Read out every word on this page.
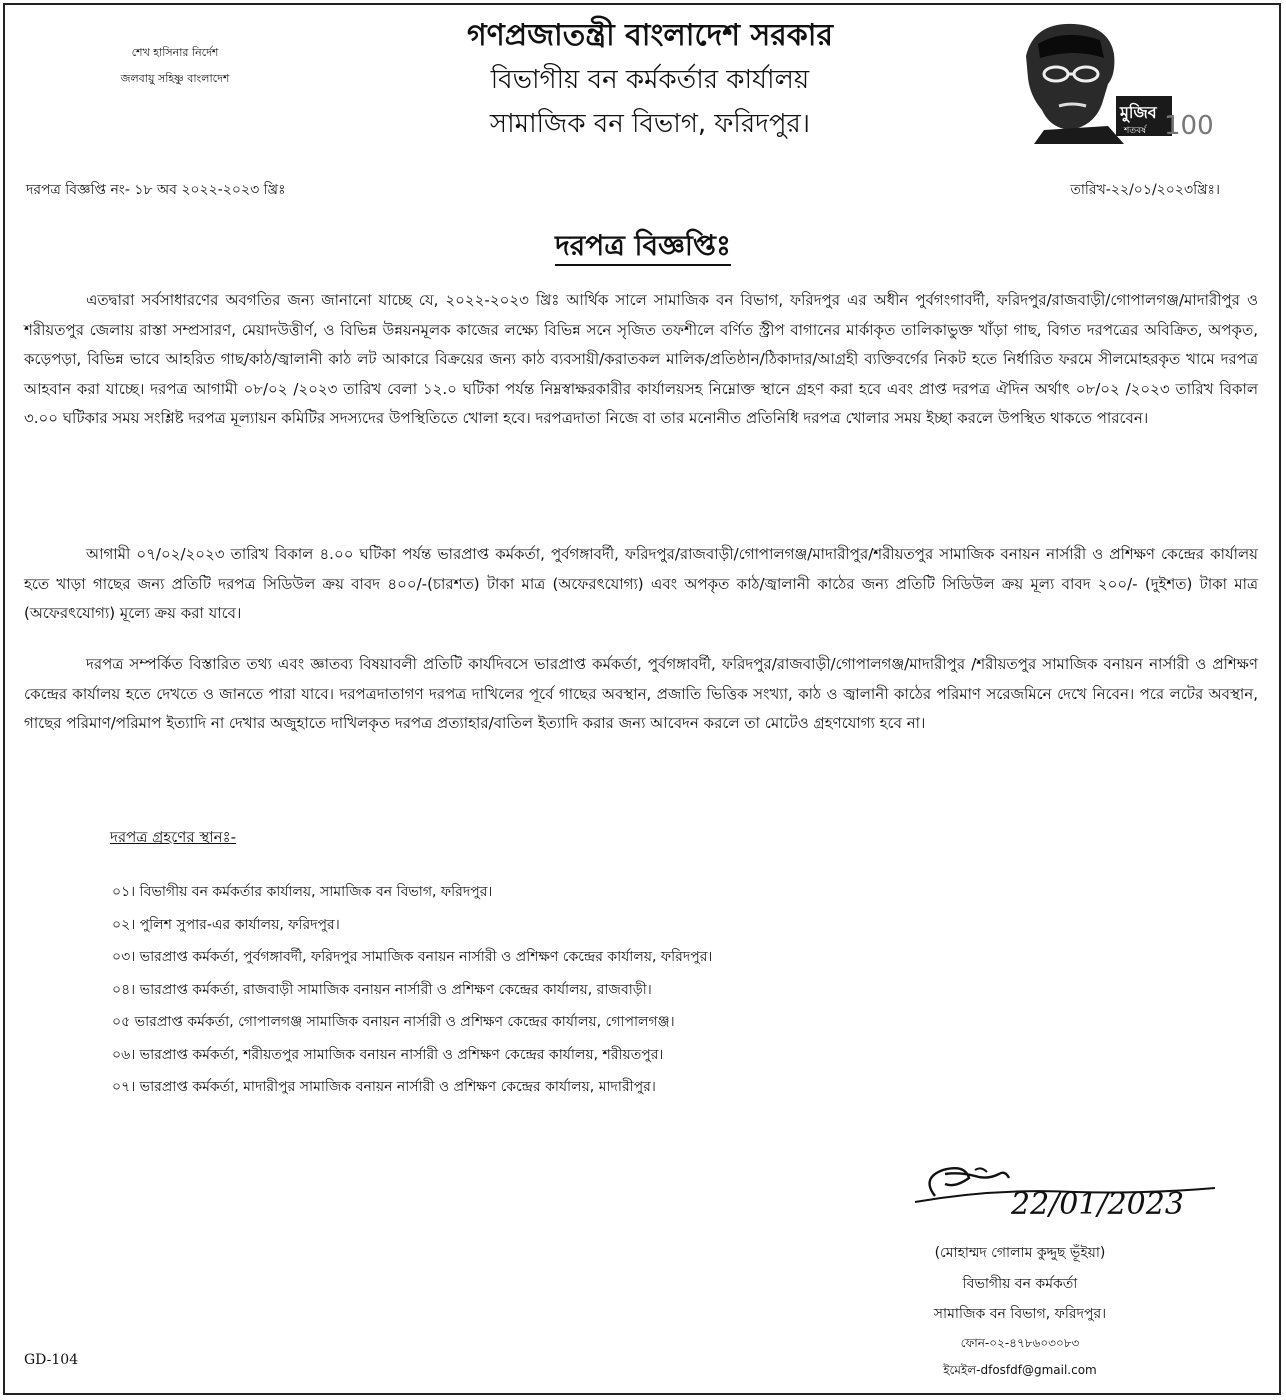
শেখ হাসিনার নির্দেশ
জলবায়ু সহিষ্ণু বাংলাদেশ
গণপ্রজাতন্ত্রী বাংলাদেশ সরকার
বিভাগীয় বন কর্মকর্তার কার্যালয়
সামাজিক বন বিভাগ, ফরিদপুর।	মুজিব
শতবর্ষ 100
দরপত্র বিজ্ঞপ্তি নং- ১৮ অব ২০২২-২০২৩ খ্রিঃ	তারিখ-২২/০১/২০২৩খ্রিঃ।
দরপত্র বিজ্ঞপ্তিঃ

এতদ্বারা সর্বসাধারণের অবগতির জন্য জানানো যাচ্ছে যে, ২০২২-২০২৩ খ্রিঃ আর্থিক সালে সামাজিক বন বিভাগ, ফরিদপুর এর অধীন পুর্বগংগাবর্দী, ফরিদপুর/রাজবাড়ী/গোপালগঞ্জ/মাদারীপুর ও শরীয়তপুর জেলায় রাস্তা সম্প্রসারণ, মেয়াদউত্তীর্ণ, ও বিভিন্ন উন্নয়নমূলক কাজের লক্ষ্যে বিভিন্ন সনে সৃজিত তফশীলে বর্ণিত স্ট্রীপ বাগানের মার্কাকৃত তালিকাভুক্ত খাঁড়া গাছ, বিগত দরপত্রের অবিক্রিত, অপকৃত, কড়েপড়া, বিভিন্ন ভাবে আহরিত গাছ/কাঠ/জ্বালানী কাঠ লট আকারে বিক্রয়ের জন্য কাঠ ব্যবসায়ী/করাতকল মালিক/প্রতিষ্ঠান/ঠিকাদার/আগ্রহী ব্যক্তিবর্গের নিকট হতে নির্ধারিত ফরমে সীলমোহরকৃত খামে দরপত্র আহবান করা যাচ্ছে। দরপত্র আগামী ০৮/০২ /২০২৩ তারিখ বেলা ১২.০ ঘটিকা পর্যন্ত নিম্নস্বাক্ষরকারীর কার্যালয়সহ নিম্নোক্ত স্থানে গ্রহণ করা হবে এবং প্রাপ্ত দরপত্র ঐদিন অর্থাৎ ০৮/০২ /২০২৩ তারিখ বিকাল ৩.০০ ঘটিকার সময় সংশ্লিষ্ট দরপত্র মূল্যায়ন কমিটির সদস্যদের উপস্থিতিতে খোলা হবে। দরপত্রদাতা নিজে বা তার মনোনীত প্রতিনিধি দরপত্র খোলার সময় ইচ্ছা করলে উপস্থিত থাকতে পারবেন।

আগামী ০৭/০২/২০২৩ তারিখ বিকাল ৪.০০ ঘটিকা পর্যন্ত ভারপ্রাপ্ত কর্মকর্তা, পুর্বগঙ্গাবর্দী, ফরিদপুর/রাজবাড়ী/গোপালগঞ্জ/মাদারীপুর/শরীয়তপুর সামাজিক বনায়ন নার্সারী ও প্রশিক্ষণ কেন্দ্রের কার্যালয় হতে খাড়া গাছের জন্য প্রতিটি দরপত্র সিডিউল ক্রয় বাবদ ৪০০/-(চারশত) টাকা মাত্র (অফেরৎযোগ্য) এবং অপকৃত কাঠ/জ্বালানী কাঠের জন্য প্রতিটি সিডিউল ক্রয় মূল্য বাবদ ২০০/- (দুইশত) টাকা মাত্র (অফেরৎযোগ্য) মূল্যে ক্রয় করা যাবে।

দরপত্র সম্পর্কিত বিস্তারিত তথ্য এবং জ্ঞাতব্য বিষয়াবলী প্রতিটি কার্যদিবসে ভারপ্রাপ্ত কর্মকর্তা, পুর্বগঙ্গাবর্দী, ফরিদপুর/রাজবাড়ী/গোপালগঞ্জ/মাদারীপুর /শরীয়তপুর সামাজিক বনায়ন নার্সারী ও প্রশিক্ষণ কেন্দ্রের কার্যালয় হতে দেখতে ও জানতে পারা যাবে। দরপত্রদাতাগণ দরপত্র দাখিলের পূর্বে গাছের অবস্থান, প্রজাতি ভিত্তিক সংখ্যা, কাঠ ও জ্বালানী কাঠের পরিমাণ সরেজমিনে দেখে নিবেন। পরে লটের অবস্থান, গাছের পরিমাণ/পরিমাপ ইত্যাদি না দেখার অজুহাতে দাখিলকৃত দরপত্র প্রত্যাহার/বাতিল ইত্যাদি করার জন্য আবেদন করলে তা মোটেও গ্রহণযোগ্য হবে না।

দরপত্র গ্রহণের স্থানঃ-
০১। বিভাগীয় বন কর্মকর্তার কার্যালয়, সামাজিক বন বিভাগ, ফরিদপুর।
০২। পুলিশ সুপার-এর কার্যালয়, ফরিদপুর।
০৩। ভারপ্রাপ্ত কর্মকর্তা, পুর্বগঙ্গাবর্দী, ফরিদপুর সামাজিক বনায়ন নার্সারী ও প্রশিক্ষণ কেন্দ্রের কার্যালয়, ফরিদপুর।
০৪। ভারপ্রাপ্ত কর্মকর্তা, রাজবাড়ী সামাজিক বনায়ন নার্সারী ও প্রশিক্ষণ কেন্দ্রের কার্যালয়, রাজবাড়ী।
০৫ ভারপ্রাপ্ত কর্মকর্তা, গোপালগঞ্জ সামাজিক বনায়ন নার্সারী ও প্রশিক্ষণ কেন্দ্রের কার্যালয়, গোপালগঞ্জ।
০৬। ভারপ্রাপ্ত কর্মকর্তা, শরীয়তপুর সামাজিক বনায়ন নার্সারী ও প্রশিক্ষণ কেন্দ্রের কার্যালয়, শরীয়তপুর।
০৭। ভারপ্রাপ্ত কর্মকর্তা, মাদারীপুর সামাজিক বনায়ন নার্সারী ও প্রশিক্ষণ কেন্দ্রের কার্যালয়, মাদারীপুর।
22/01/2023
(মোহাম্মদ গোলাম কুদ্দুছ ভূঁইয়া)
বিভাগীয় বন কর্মকর্তা
সামাজিক বন বিভাগ, ফরিদপুর।
ফোন-০২-৪৭৮৬০৩০৮৩
ইমেইল-dfosfdf@gmail.com
GD-104
